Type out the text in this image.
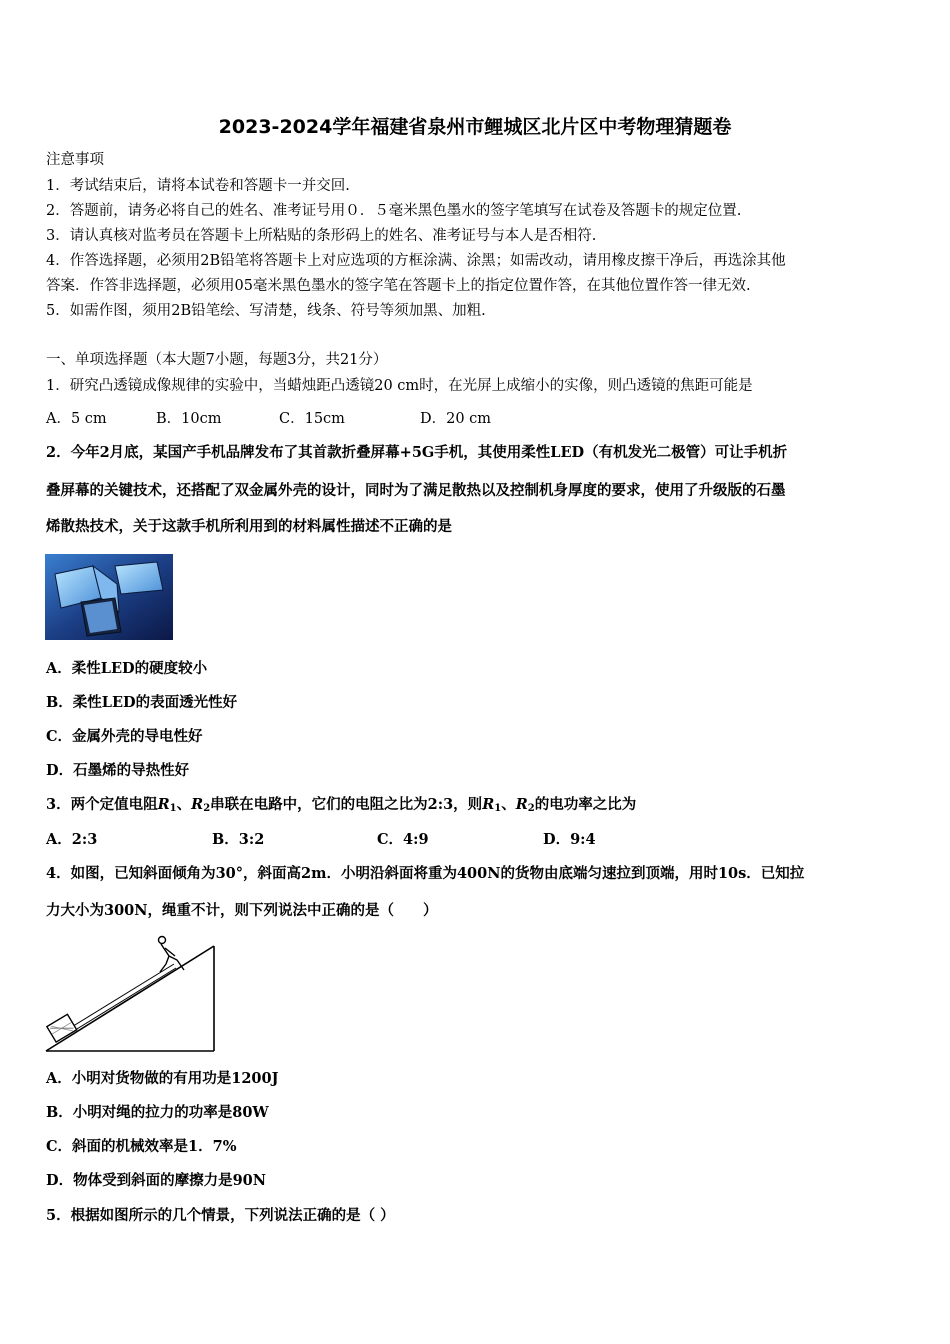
2023-2024学年福建省泉州市鲤城区北片区中考物理猜题卷
注意事项
1．考试结束后，请将本试卷和答题卡一并交回.
2．答题前，请务必将自己的姓名、准考证号用０．５毫米黑色墨水的签字笔填写在试卷及答题卡的规定位置.
3．请认真核对监考员在答题卡上所粘贴的条形码上的姓名、准考证号与本人是否相符.
4．作答选择题，必须用2B铅笔将答题卡上对应选项的方框涂满、涂黑；如需改动，请用橡皮擦干净后，再选涂其他
答案．作答非选择题，必须用05毫米黑色墨水的签字笔在答题卡上的指定位置作答，在其他位置作答一律无效.
5．如需作图，须用2B铅笔绘、写清楚，线条、符号等须加黑、加粗.
一、单项选择题（本大题7小题，每题3分，共21分）
1．研究凸透镜成像规律的实验中，当蜡烛距凸透镜20 cm时，在光屏上成缩小的实像，则凸透镜的焦距可能是
A．5 cm	B．10cm	C．15cm	D．20 cm
2．今年2月底，某国产手机品牌发布了其首款折叠屏幕+5G手机，其使用柔性LED（有机发光二极管）可让手机折
叠屏幕的关键技术，还搭配了双金属外壳的设计，同时为了满足散热以及控制机身厚度的要求，使用了升级版的石墨
烯散热技术，关于这款手机所利用到的材料属性描述不正确的是
A．柔性LED的硬度较小
B．柔性LED的表面透光性好
C．金属外壳的导电性好
D．石墨烯的导热性好
3．两个定值电阻$R_1$、$R_2$串联在电路中，它们的电阻之比为2:3，则$R_1$、$R_2$的电功率之比为
A．2:3	B．3:2	C．4:9	D．9:4
4．如图，已知斜面倾角为30°，斜面高2m．小明沿斜面将重为400N的货物由底端匀速拉到顶端，用时10s．已知拉
力大小为300N，绳重不计，则下列说法中正确的是（　　）
A．小明对货物做的有用功是1200J
B．小明对绳的拉力的功率是80W
C．斜面的机械效率是1．7%
D．物体受到斜面的摩擦力是90N
5．根据如图所示的几个情景，下列说法正确的是（ ）
